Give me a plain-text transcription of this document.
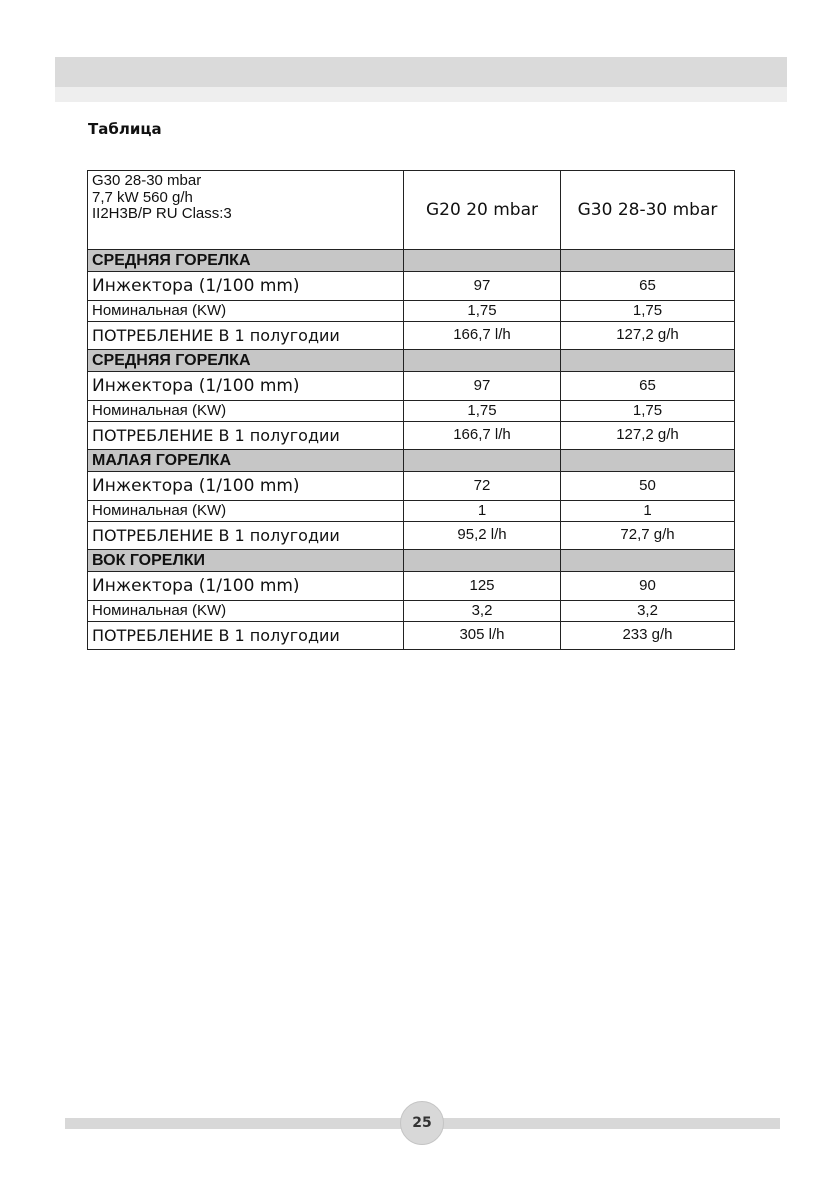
Таблица
G30 28-30 mbar
7,7 kW 560 g/h
II2H3B/P RU Class:3	G20 20 mbar	G30 28-30 mbar
СРЕДНЯЯ ГОРЕЛКА		
Инжектора (1/100 mm)	97	65
Номинальная (KW)	1,75	1,75
ПОТРЕБЛЕНИЕ В 1 полугодии	166,7 l/h	127,2 g/h
СРЕДНЯЯ ГОРЕЛКА		
Инжектора (1/100 mm)	97	65
Номинальная (KW)	1,75	1,75
ПОТРЕБЛЕНИЕ В 1 полугодии	166,7 l/h	127,2 g/h
МАЛАЯ ГОРЕЛКА		
Инжектора (1/100 mm)	72	50
Номинальная (KW)	1	1
ПОТРЕБЛЕНИЕ В 1 полугодии	95,2 l/h	72,7 g/h
ВОК ГОРЕЛКИ		
Инжектора (1/100 mm)	125	90
Номинальная (KW)	3,2	3,2
ПОТРЕБЛЕНИЕ В 1 полугодии	305 l/h	233 g/h
25
